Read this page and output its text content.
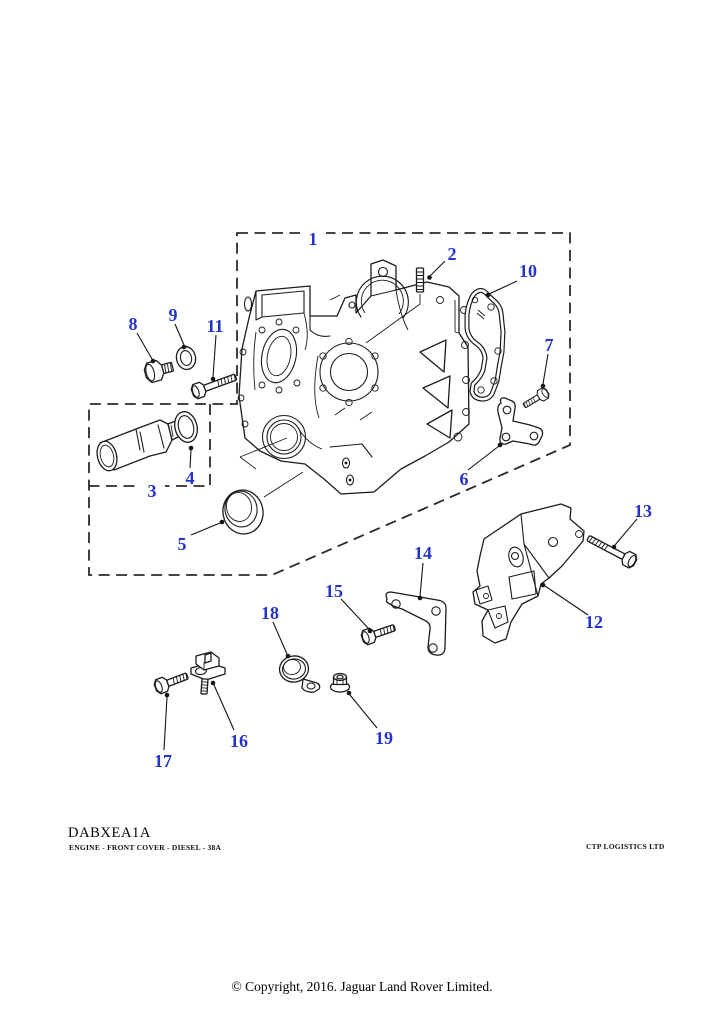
1
2
3
4
5
6
7
8 9
10
11
12
13
14
15
16
17
18
19
DABXEA1A
ENGINE - FRONT COVER - DIESEL - 38A	CTP LOGISTICS LTD
© Copyright, 2016. Jaguar Land Rover Limited.
